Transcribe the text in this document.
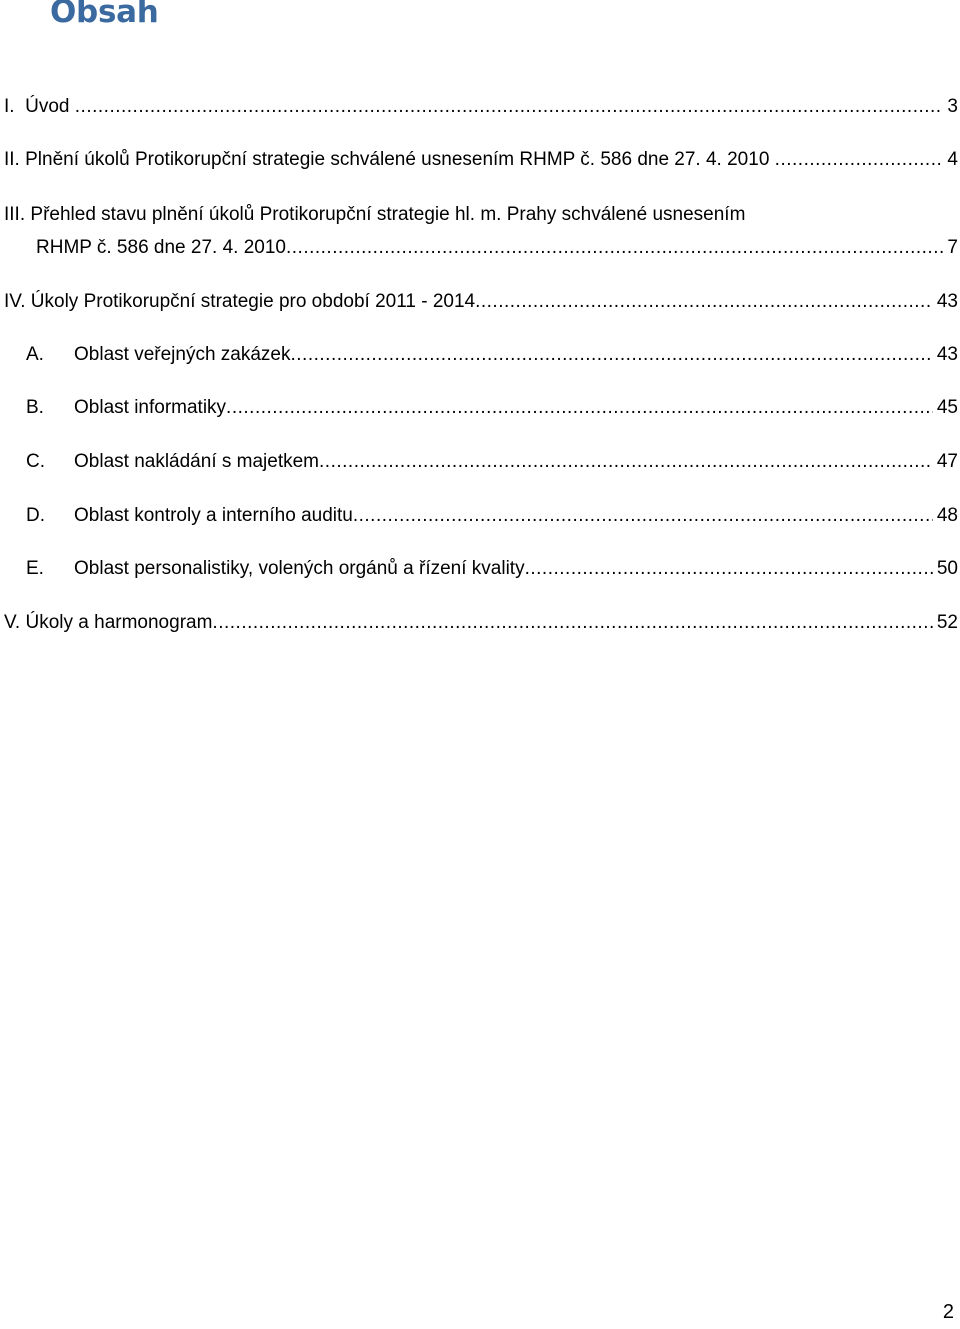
Obsah
I. Úvod .....	3
II. Plnění úkolů Protikorupční strategie schválené usnesením RHMP č. 586 dne 27. 4. 2010 .....	4
III. Přehled stavu plnění úkolů Protikorupční strategie hl. m. Prahy schválené usnesením
RHMP č. 586 dne 27. 4. 2010 .....	7
IV. Úkoly Protikorupční strategie pro období 2011 - 2014 .....	43
A. Oblast veřejných zakázek .....	43
B. Oblast informatiky .....	45
C. Oblast nakládání s majetkem .....	47
D. Oblast kontroly a interního auditu .....	48
E. Oblast personalistiky, volených orgánů a řízení kvality .....	50
V. Úkoly a harmonogram .....	52
2
